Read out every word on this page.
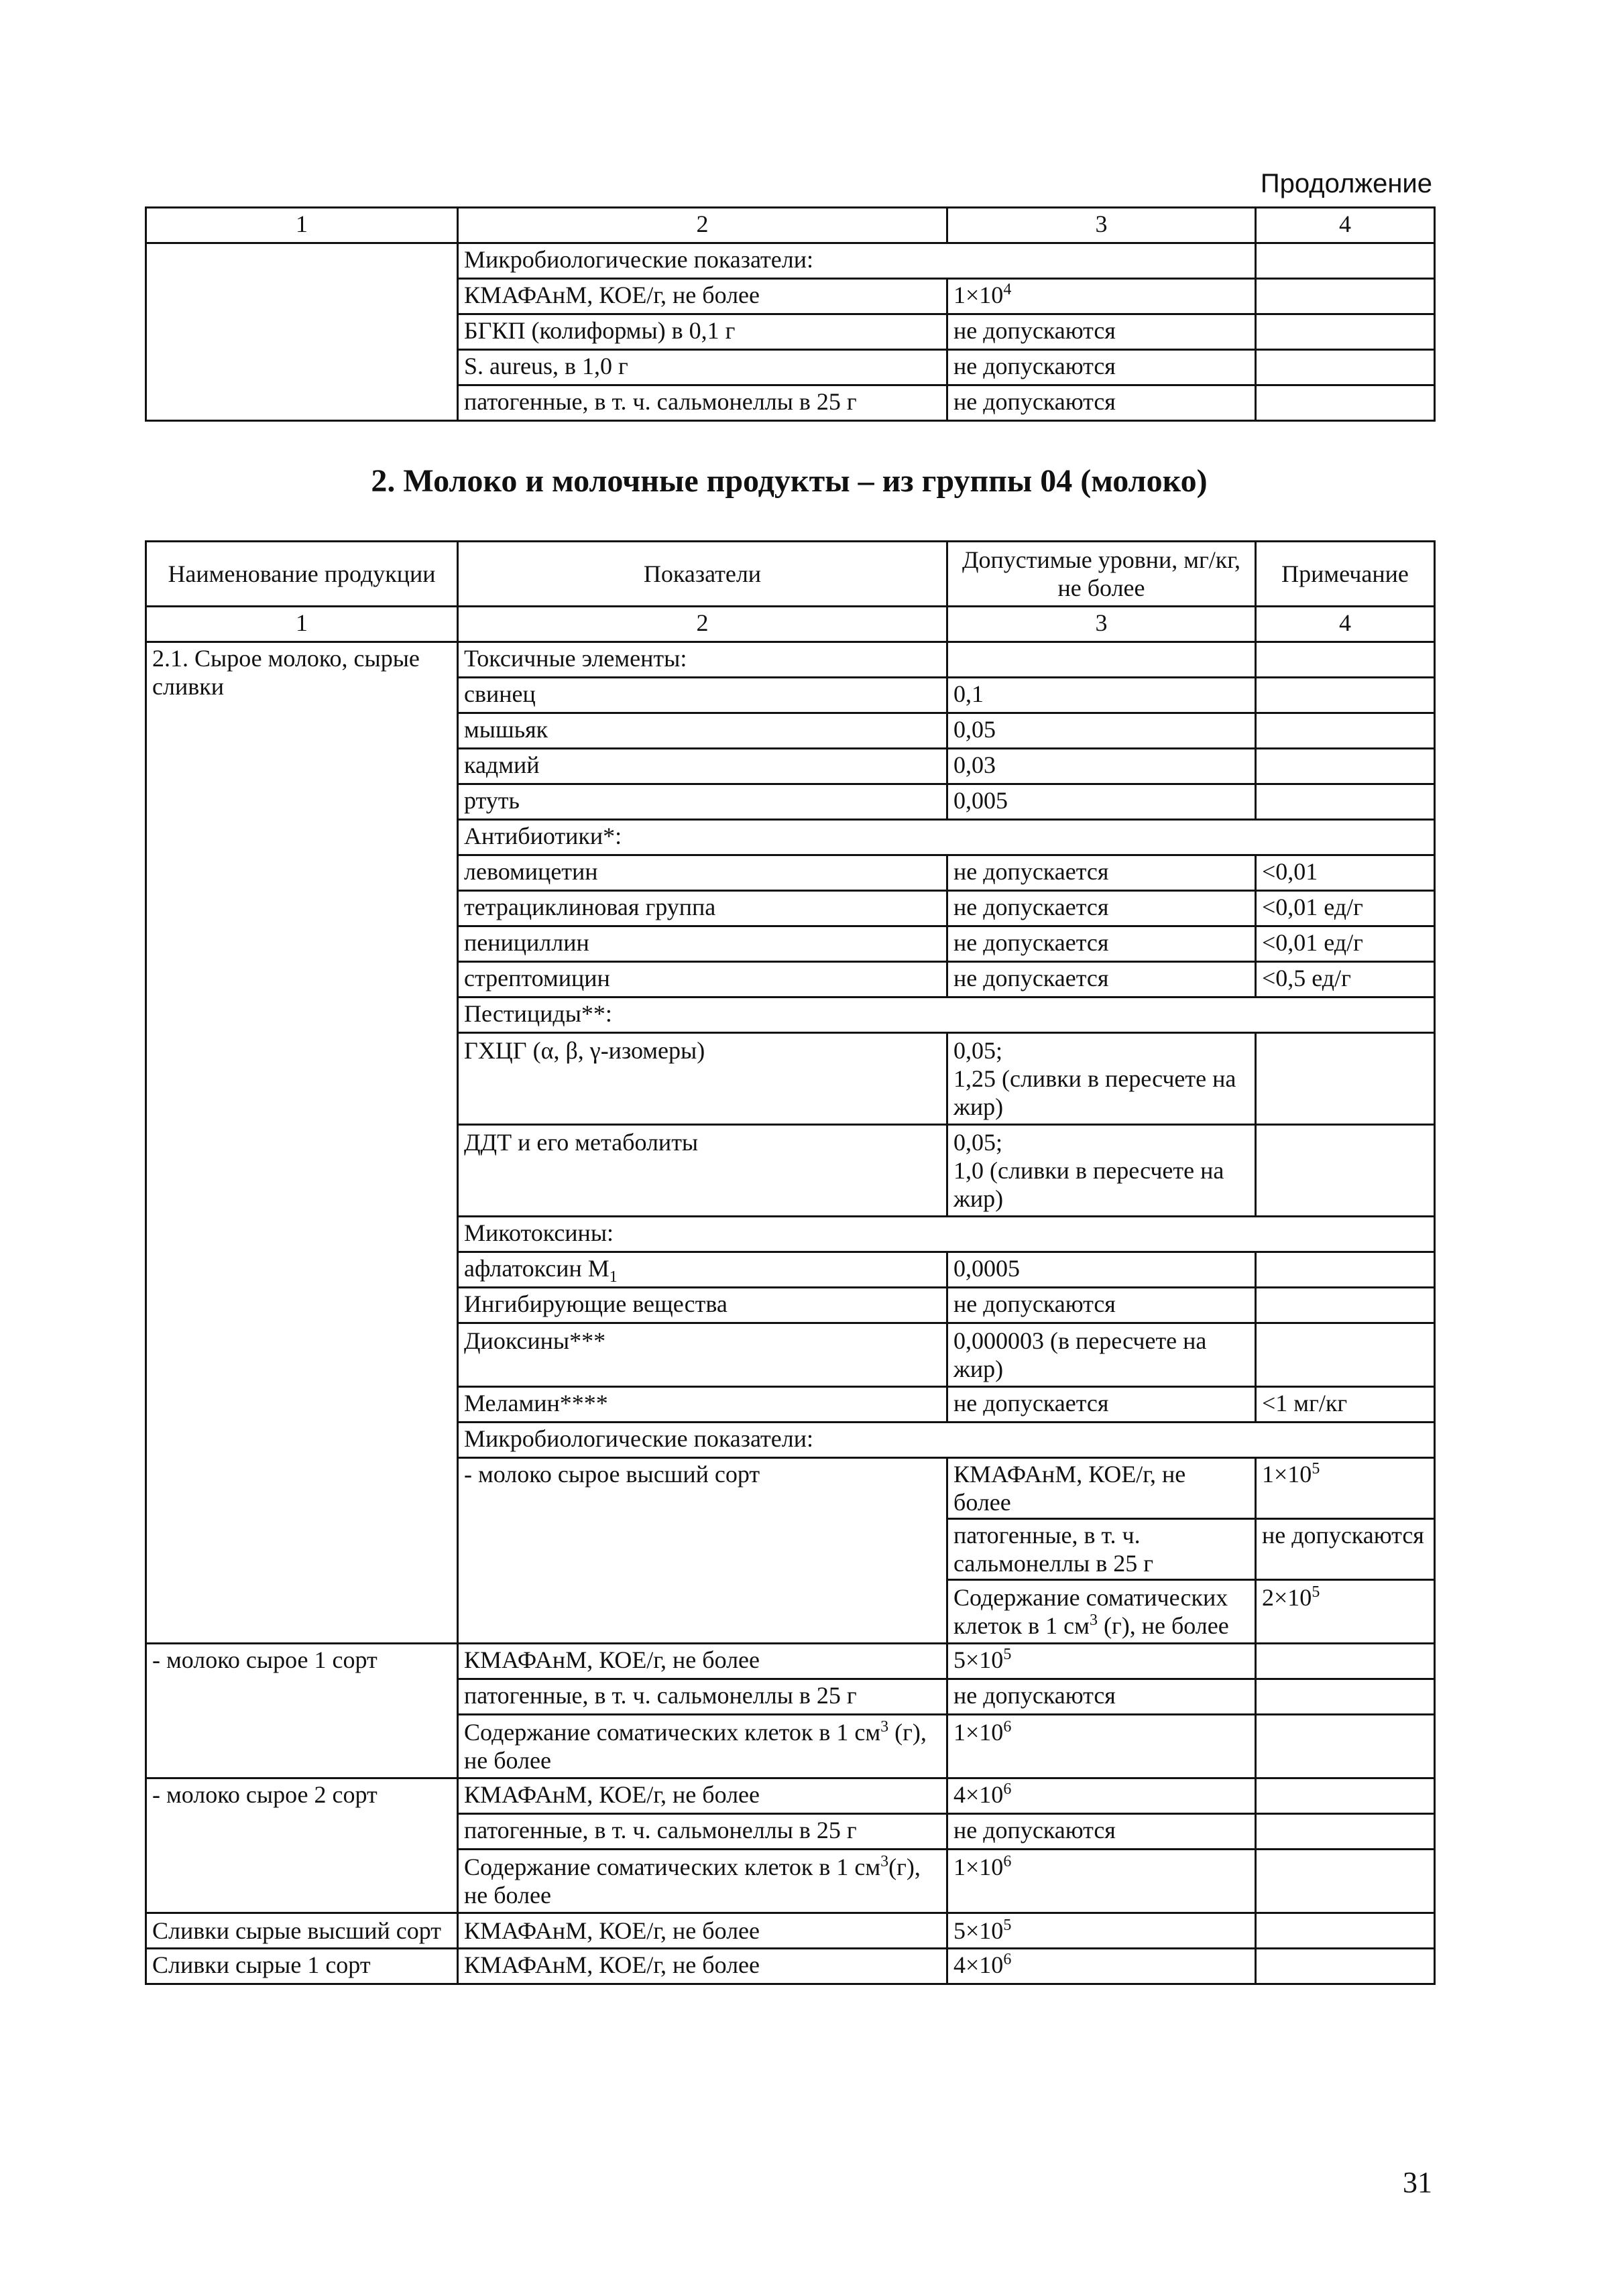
Продолжение
1	2	3	4
	Микробиологические показатели:		
	КМАФАнМ, КОЕ/г, не более	$1\times 10^4$	
	БГКП (колиформы) в 0,1 г	не допускаются	
	S. aureus, в 1,0 г	не допускаются	
	патогенные, в т. ч. сальмонеллы в 25 г	не допускаются	
2. Молоко и молочные продукты – из группы 04 (молоко)
Наименование продукции	Показатели	Допустимые уровни, мг/кг, не более	Примечание	
1	2	3	4	
2.1. Сырое молоко, сырые сливки	Токсичные элементы:			
	свинец	0,1		
	мышьяк	0,05		
	кадмий	0,03		
	ртуть	0,005		
	Антибиотики*:			
	левомицетин	не допускается	<0,01	
	тетрациклиновая группа	не допускается	<0,01 ед/г	
	пенициллин	не допускается	<0,01 ед/г	
	стрептомицин	не допускается	<0,5 ед/г	
	Пестициды**:			
	ГХЦГ (α, β, γ-изомеры)	0,05;
1,25 (сливки в пересчете на жир)		

	ДДТ и его метаболиты	0,05;
1,0 (сливки в пересчете на жир)		

	Микотоксины:			
	афлатоксин $M_1$	0,0005		
	Ингибирующие вещества	не допускаются		
	Диоксины***	0,000003 (в пересчете на жир)		
	Меламин****	не допускается	<1 мг/кг	
	Микробиологические показатели:			
	- молоко сырое высший сорт	КМАФАнМ, КОЕ/г, не более	$1\times 10^5$	
		патогенные, в т. ч. сальмонеллы в 25 г	не допускаются	
		Содержание соматических клеток в 1 $см^3$ (г), не более	$2\times 10^5$	
- молоко сырое 1 сорт	КМАФАнМ, КОЕ/г, не более	$5\times 10^5$	
	патогенные, в т. ч. сальмонеллы в 25 г	не допускаются		
	Содержание соматических клеток в 1 $см^3$ (г), не более	$1\times 10^6$	
- молоко сырое 2 сорт	КМАФАнМ, КОЕ/г, не более	$4\times 10^6$	
	патогенные, в т. ч. сальмонеллы в 25 г	не допускаются		
	Содержание соматических клеток в 1 $см^3(г)$, не более	$1\times 10^6$	
Сливки сырые высший сорт	КМАФАнМ, КОЕ/г, не более	$5\times 10^5$	
Сливки сырые 1 сорт	КМАФАнМ, КОЕ/г, не более	$4\times 10^6$	
31
